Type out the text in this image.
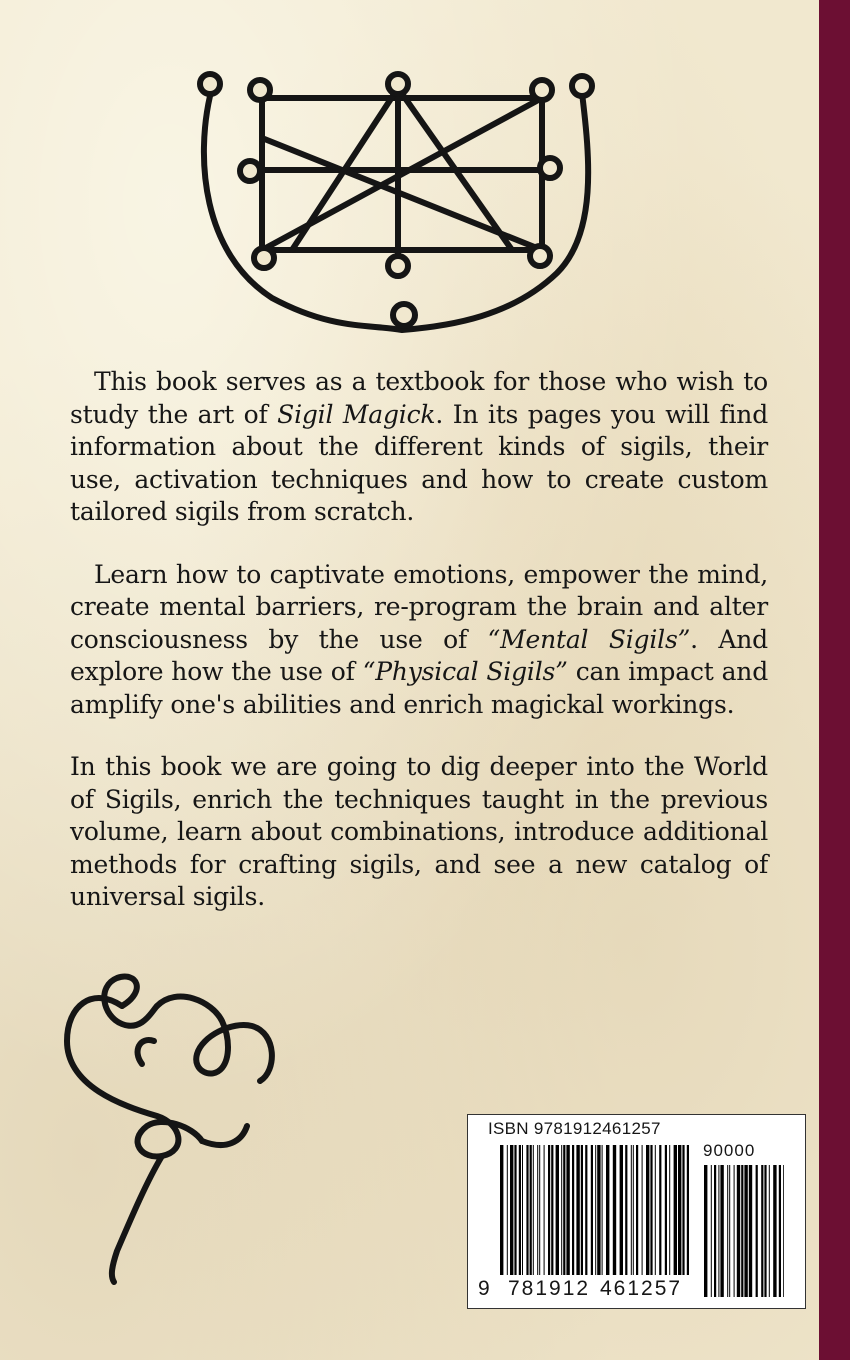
This book serves as a textbook for those who wish to study the art of Sigil Magick. In its pages you will find information about the different kinds of sigils, their use, activation techniques and how to create custom tailored sigils from scratch.

Learn how to captivate emotions, empower the mind, create mental barriers, re-program the brain and alter consciousness by the use of “Mental Sigils”. And explore how the use of “Physical Sigils” can impact and amplify one's abilities and enrich magickal workings.

In this book we are going to dig deeper into the World of Sigils, enrich the techniques taught in the previous volume, learn about combinations, introduce additional methods for crafting sigils, and see a new catalog of universal sigils.

ISBN 9781912461257
90000
9 781912 461257
